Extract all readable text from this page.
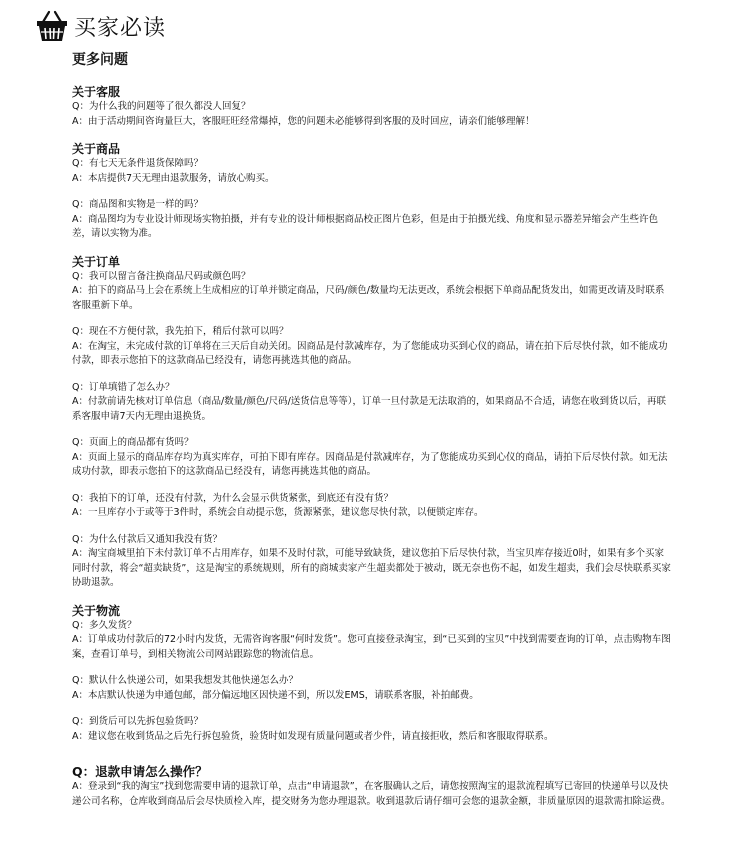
买家必读
更多问题
关于客服

Q：为什么我的问题等了很久都没人回复？

A：由于活动期间咨询量巨大，客服旺旺经常爆掉，您的问题未必能够得到客服的及时回应，请亲们能够理解！

关于商品

Q：有七天无条件退货保障吗？

A：本店提供7天无理由退款服务，请放心购买。

Q：商品图和实物是一样的吗？

A：商品图均为专业设计师现场实物拍摄，并有专业的设计师根据商品校正图片色彩，但是由于拍摄光线、角度和显示器差异缩会产生些许色差，请以实物为准。

关于订单

Q：我可以留言备注换商品尺码或颜色吗？

A：拍下的商品马上会在系统上生成相应的订单并锁定商品，尺码/颜色/数量均无法更改，系统会根据下单商品配货发出，如需更改请及时联系客服重新下单。

Q：现在不方便付款，我先拍下，稍后付款可以吗？

A：在淘宝，未完成付款的订单将在三天后自动关闭。因商品是付款减库存，为了您能成功买到心仪的商品，请在拍下后尽快付款，如不能成功付款，即表示您拍下的这款商品已经没有，请您再挑选其他的商品。

Q：订单填错了怎么办？

A：付款前请先核对订单信息（商品/数量/颜色/尺码/送货信息等等），订单一旦付款是无法取消的，如果商品不合适，请您在收到货以后，再联系客服申请7天内无理由退换货。

Q：页面上的商品都有货吗？

A：页面上显示的商品库存均为真实库存，可拍下即有库存。因商品是付款减库存，为了您能成功买到心仪的商品，请拍下后尽快付款。如无法成功付款，即表示您拍下的这款商品已经没有，请您再挑选其他的商品。

Q：我拍下的订单，还没有付款，为什么会显示供货紧张，到底还有没有货？

A：一旦库存小于或等于3件时，系统会自动提示您，货源紧张，建议您尽快付款，以便锁定库存。

Q：为什么付款后又通知我没有货？

A：淘宝商城里拍下未付款订单不占用库存，如果不及时付款，可能导致缺货，建议您拍下后尽快付款，当宝贝库存接近0时，如果有多个买家同时付款，将会“超卖缺货”，这是淘宝的系统规则，所有的商城卖家产生超卖都处于被动，既无奈也伤不起，如发生超卖，我们会尽快联系买家协助退款。

关于物流

Q：多久发货？

A：订单成功付款后的72小时内发货，无需咨询客服“何时发货”。您可直接登录淘宝，到“已买到的宝贝”中找到需要查询的订单，点击购物车图案，查看订单号，到相关物流公司网站跟踪您的物流信息。

Q：默认什么快递公司，如果我想发其他快递怎么办？

A：本店默认快递为申通包邮，部分偏远地区因快递不到，所以发EMS，请联系客服，补拍邮费。

Q：到货后可以先拆包验货吗？

A：建议您在收到货品之后先行拆包验货，验货时如发现有质量问题或者少件，请直接拒收，然后和客服取得联系。

Q：退款申请怎么操作？

A：登录到“我的淘宝”找到您需要申请的退款订单，点击“申请退款”，在客服确认之后，请您按照淘宝的退款流程填写已寄回的快递单号以及快递公司名称，仓库收到商品后会尽快质检入库，提交财务为您办理退款。收到退款后请仔细可会您的退款金额，非质量原因的退款需扣除运费。
